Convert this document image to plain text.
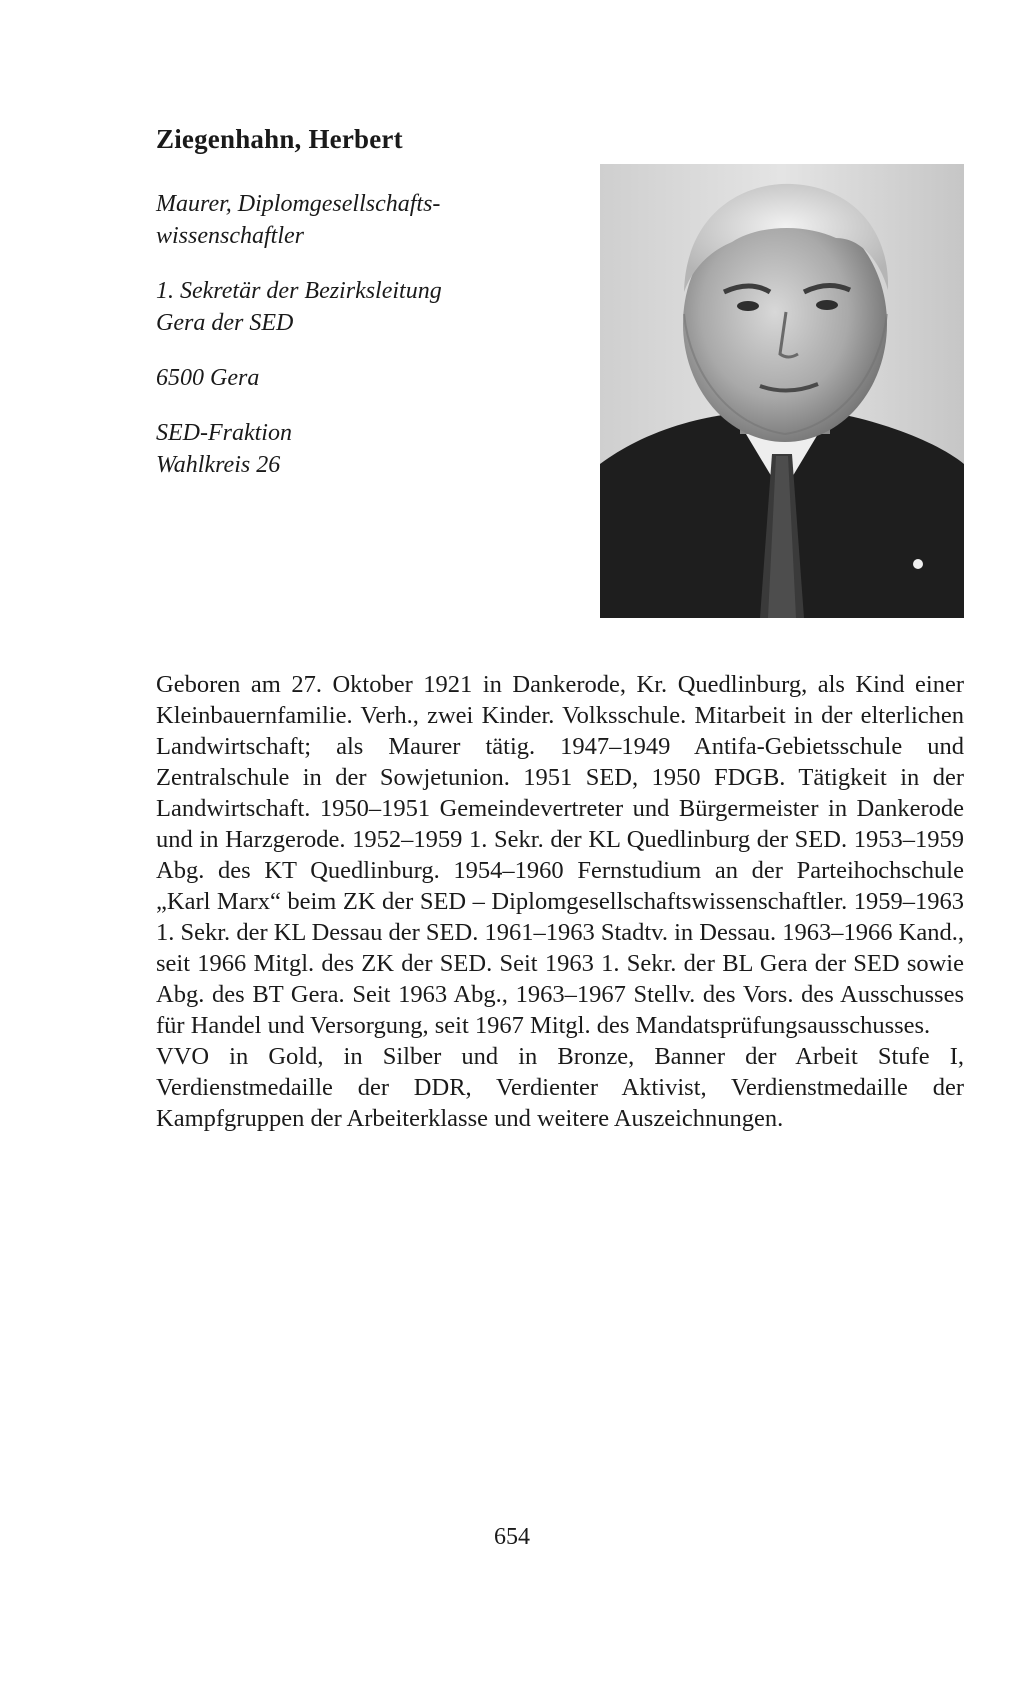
Ziegenhahn, Herbert

Maurer, Diplomgesellschafts-
wissenschaftler

1. Sekretär der Bezirksleitung
Gera der SED

6500 Gera

SED-Fraktion
Wahlkreis 26

Geboren am 27. Oktober 1921 in Dankerode, Kr. Quedlinburg, als Kind einer Kleinbauernfamilie. Verh., zwei Kinder. Volksschule. Mitarbeit in der elterlichen Landwirtschaft; als Maurer tätig. 1947–1949 Antifa-Gebietsschule und Zentralschule in der Sowjetunion. 1951 SED, 1950 FDGB. Tätigkeit in der Landwirtschaft. 1950–1951 Gemeindevertreter und Bürgermeister in Dankerode und in Harzgerode. 1952–1959 1. Sekr. der KL Quedlinburg der SED. 1953–1959 Abg. des KT Quedlinburg. 1954–1960 Fernstudium an der Parteihochschule „Karl Marx“ beim ZK der SED – Diplomgesellschaftswissenschaftler. 1959–1963 1. Sekr. der KL Dessau der SED. 1961–1963 Stadtv. in Dessau. 1963–1966 Kand., seit 1966 Mitgl. des ZK der SED. Seit 1963 1. Sekr. der BL Gera der SED sowie Abg. des BT Gera. Seit 1963 Abg., 1963–1967 Stellv. des Vors. des Ausschusses für Handel und Versorgung, seit 1967 Mitgl. des Mandatsprüfungsausschusses.

VVO in Gold, in Silber und in Bronze, Banner der Arbeit Stufe I, Verdienstmedaille der DDR, Verdienter Aktivist, Verdienstmedaille der Kampfgruppen der Arbeiterklasse und weitere Auszeichnungen.

654
